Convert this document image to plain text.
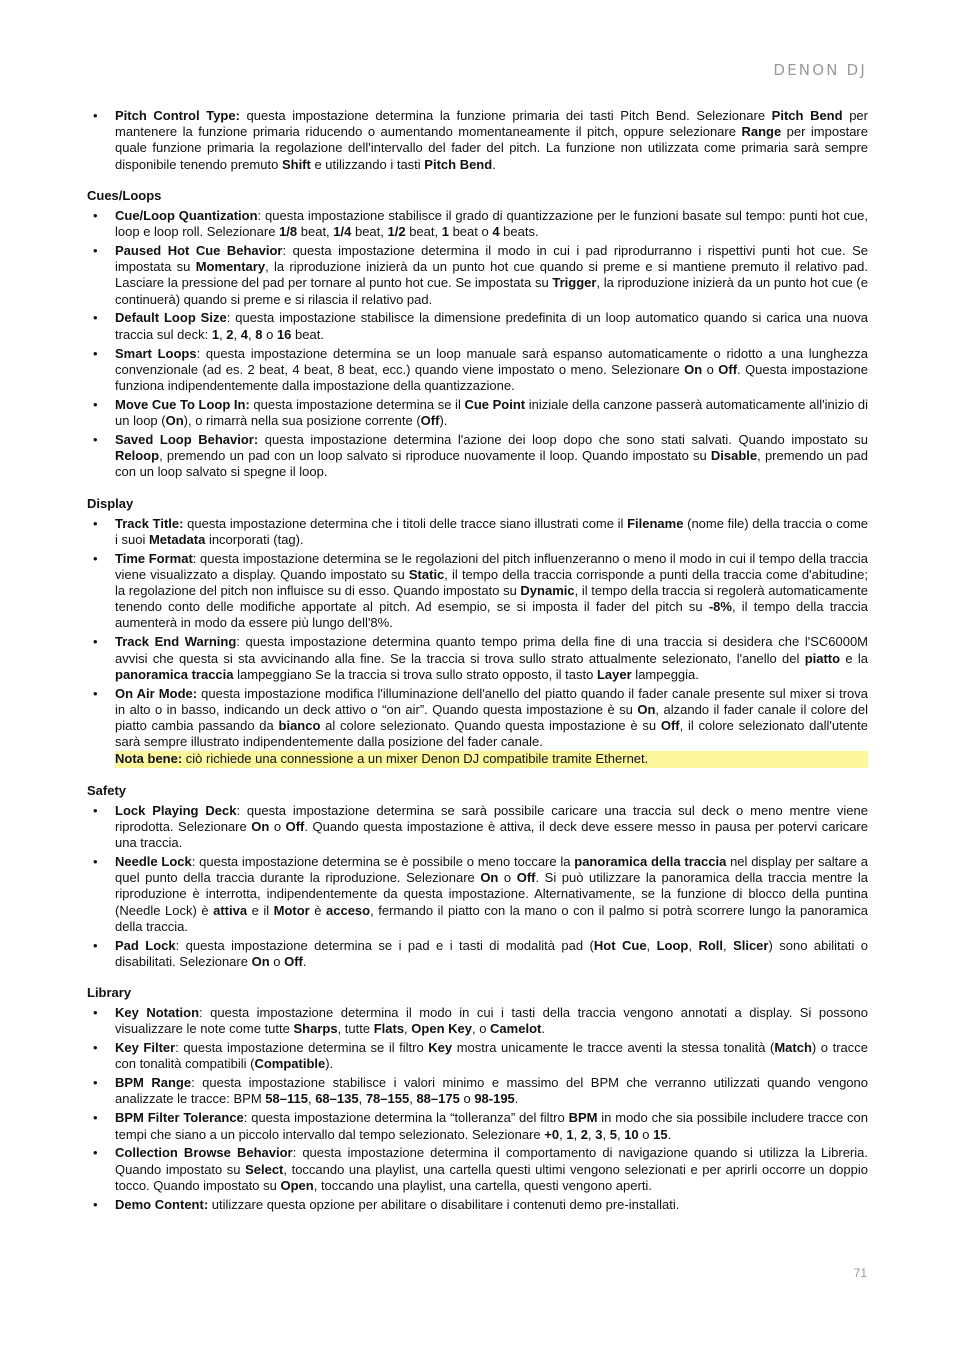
DENON DJ
• Pitch Control Type: questa impostazione determina la funzione primaria dei tasti Pitch Bend. Selezionare Pitch Bend per mantenere la funzione primaria riducendo o aumentando momentaneamente il pitch, oppure selezionare Range per impostare quale funzione primaria la regolazione dell'intervallo del fader del pitch. La funzione non utilizzata come primaria sarà sempre disponibile tenendo premuto Shift e utilizzando i tasti Pitch Bend.
Cues/Loops
• Cue/Loop Quantization: questa impostazione stabilisce il grado di quantizzazione per le funzioni basate sul tempo: punti hot cue, loop e loop roll. Selezionare 1/8 beat, 1/4 beat, 1/2 beat, 1 beat o 4 beats.
• Paused Hot Cue Behavior: questa impostazione determina il modo in cui i pad riprodurranno i rispettivi punti hot cue. Se impostata su Momentary, la riproduzione inizierà da un punto hot cue quando si preme e si mantiene premuto il relativo pad. Lasciare la pressione del pad per tornare al punto hot cue. Se impostata su Trigger, la riproduzione inizierà da un punto hot cue (e continuerà) quando si preme e si rilascia il relativo pad.
• Default Loop Size: questa impostazione stabilisce la dimensione predefinita di un loop automatico quando si carica una nuova traccia sul deck: 1, 2, 4, 8 o 16 beat.
• Smart Loops: questa impostazione determina se un loop manuale sarà espanso automaticamente o ridotto a una lunghezza convenzionale (ad es. 2 beat, 4 beat, 8 beat, ecc.) quando viene impostato o meno. Selezionare On o Off. Questa impostazione funziona indipendentemente dalla impostazione della quantizzazione.
• Move Cue To Loop In: questa impostazione determina se il Cue Point iniziale della canzone passerà automaticamente all'inizio di un loop (On), o rimarrà nella sua posizione corrente (Off).
• Saved Loop Behavior: questa impostazione determina l'azione dei loop dopo che sono stati salvati. Quando impostato su Reloop, premendo un pad con un loop salvato si riproduce nuovamente il loop. Quando impostato su Disable, premendo un pad con un loop salvato si spegne il loop.
Display
• Track Title: questa impostazione determina che i titoli delle tracce siano illustrati come il Filename (nome file) della traccia o come i suoi Metadata incorporati (tag).
• Time Format: questa impostazione determina se le regolazioni del pitch influenzeranno o meno il modo in cui il tempo della traccia viene visualizzato a display. Quando impostato su Static, il tempo della traccia corrisponde a punti della traccia come d'abitudine; la regolazione del pitch non influisce su di esso. Quando impostato su Dynamic, il tempo della traccia si regolerà automaticamente tenendo conto delle modifiche apportate al pitch. Ad esempio, se si imposta il fader del pitch su -8%, il tempo della traccia aumenterà in modo da essere più lungo dell'8%.
• Track End Warning: questa impostazione determina quanto tempo prima della fine di una traccia si desidera che l'SC6000M avvisi che questa si sta avvicinando alla fine. Se la traccia si trova sullo strato attualmente selezionato, l'anello del piatto e la panoramica traccia lampeggiano Se la traccia si trova sullo strato opposto, il tasto Layer lampeggia.
• On Air Mode: questa impostazione modifica l'illuminazione dell'anello del piatto quando il fader canale presente sul mixer si trova in alto o in basso, indicando un deck attivo o “on air”. Quando questa impostazione è su On, alzando il fader canale il colore del piatto cambia passando da bianco al colore selezionato. Quando questa impostazione è su Off, il colore selezionato dall'utente sarà sempre illustrato indipendentemente dalla posizione del fader canale.
Nota bene: ciò richiede una connessione a un mixer Denon DJ compatibile tramite Ethernet.
Safety
• Lock Playing Deck: questa impostazione determina se sarà possibile caricare una traccia sul deck o meno mentre viene riprodotta. Selezionare On o Off. Quando questa impostazione è attiva, il deck deve essere messo in pausa per potervi caricare una traccia.
• Needle Lock: questa impostazione determina se è possibile o meno toccare la panoramica della traccia nel display per saltare a quel punto della traccia durante la riproduzione. Selezionare On o Off. Si può utilizzare la panoramica della traccia mentre la riproduzione è interrotta, indipendentemente da questa impostazione. Alternativamente, se la funzione di blocco della puntina (Needle Lock) è attiva e il Motor è acceso, fermando il piatto con la mano o con il palmo si potrà scorrere lungo la panoramica della traccia.
• Pad Lock: questa impostazione determina se i pad e i tasti di modalità pad (Hot Cue, Loop, Roll, Slicer) sono abilitati o disabilitati. Selezionare On o Off.
Library
• Key Notation: questa impostazione determina il modo in cui i tasti della traccia vengono annotati a display. Si possono visualizzare le note come tutte Sharps, tutte Flats, Open Key, o Camelot.
• Key Filter: questa impostazione determina se il filtro Key mostra unicamente le tracce aventi la stessa tonalità (Match) o tracce con tonalità compatibili (Compatible).
• BPM Range: questa impostazione stabilisce i valori minimo e massimo del BPM che verranno utilizzati quando vengono analizzate le tracce: BPM 58–115, 68–135, 78–155, 88–175 o 98-195.
• BPM Filter Tolerance: questa impostazione determina la “tolleranza” del filtro BPM in modo che sia possibile includere tracce con tempi che siano a un piccolo intervallo dal tempo selezionato. Selezionare +0, 1, 2, 3, 5, 10 o 15.
• Collection Browse Behavior: questa impostazione determina il comportamento di navigazione quando si utilizza la Libreria. Quando impostato su Select, toccando una playlist, una cartella questi ultimi vengono selezionati e per aprirli occorre un doppio tocco. Quando impostato su Open, toccando una playlist, una cartella, questi vengono aperti.
• Demo Content: utilizzare questa opzione per abilitare o disabilitare i contenuti demo pre-installati.
71
